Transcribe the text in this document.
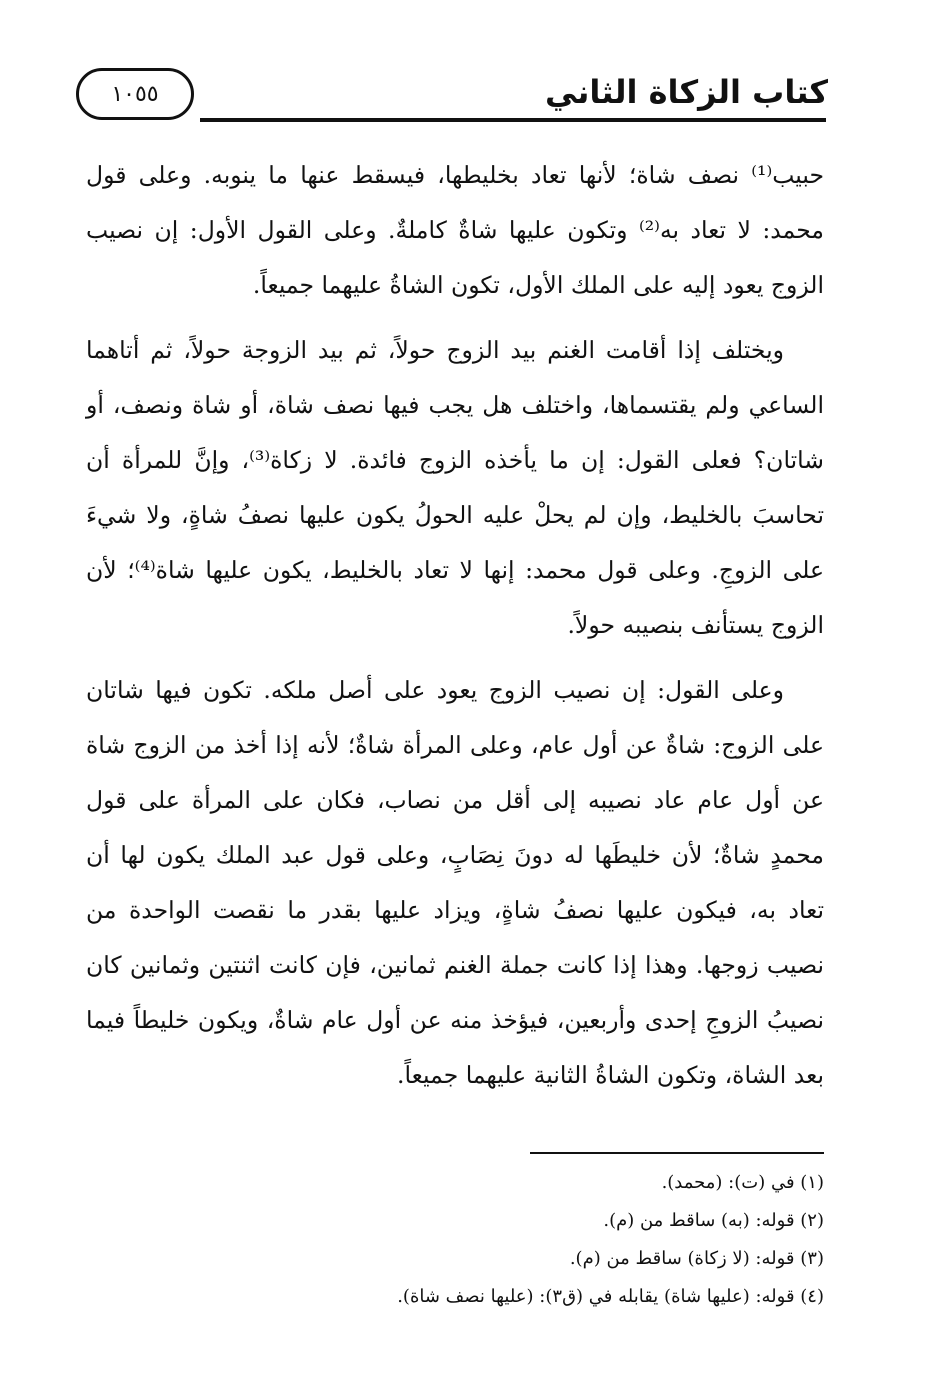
كتاب الزكاة الثاني
١٠٥٥

حبيب⁽¹⁾ نصف شاة؛ لأنها تعاد بخليطها، فيسقط عنها ما ينوبه. وعلى قول محمد: لا تعاد به⁽²⁾ وتكون عليها شاةٌ كاملةٌ. وعلى القول الأول: إن نصيب الزوج يعود إليه على الملك الأول، تكون الشاةُ عليهما جميعاً.

ويختلف إذا أقامت الغنم بيد الزوج حولاً، ثم بيد الزوجة حولاً، ثم أتاهما الساعي ولم يقتسماها، واختلف هل يجب فيها نصف شاة، أو شاة ونصف، أو شاتان؟ فعلى القول: إن ما يأخذه الزوج فائدة. لا زكاة⁽³⁾، وإنَّ للمرأة أن تحاسبَ بالخليط، وإن لم يحلْ عليه الحولُ يكون عليها نصفُ شاةٍ، ولا شيءَ على الزوجِ. وعلى قول محمد: إنها لا تعاد بالخليط، يكون عليها شاة⁽⁴⁾؛ لأن الزوج يستأنف بنصيبه حولاً.

وعلى القول: إن نصيب الزوج يعود على أصل ملكه. تكون فيها شاتان على الزوج: شاةٌ عن أول عام، وعلى المرأة شاةٌ؛ لأنه إذا أخذ من الزوج شاة عن أول عام عاد نصيبه إلى أقل من نصاب، فكان على المرأة على قول محمدٍ شاةٌ؛ لأن خليطَها له دونَ نِصَابٍ، وعلى قول عبد الملك يكون لها أن تعاد به، فيكون عليها نصفُ شاةٍ، ويزاد عليها بقدر ما نقصت الواحدة من نصيب زوجها. وهذا إذا كانت جملة الغنم ثمانين، فإن كانت اثنتين وثمانين كان نصيبُ الزوجِ إحدى وأربعين، فيؤخذ منه عن أول عام شاةٌ، ويكون خليطاً فيما بعد الشاة، وتكون الشاةُ الثانية عليهما جميعاً.

(١) في (ت): (محمد).
(٢) قوله: (به) ساقط من (م).
(٣) قوله: (لا زكاة) ساقط من (م).
(٤) قوله: (عليها شاة) يقابله في (ق٣): (عليها نصف شاة).
